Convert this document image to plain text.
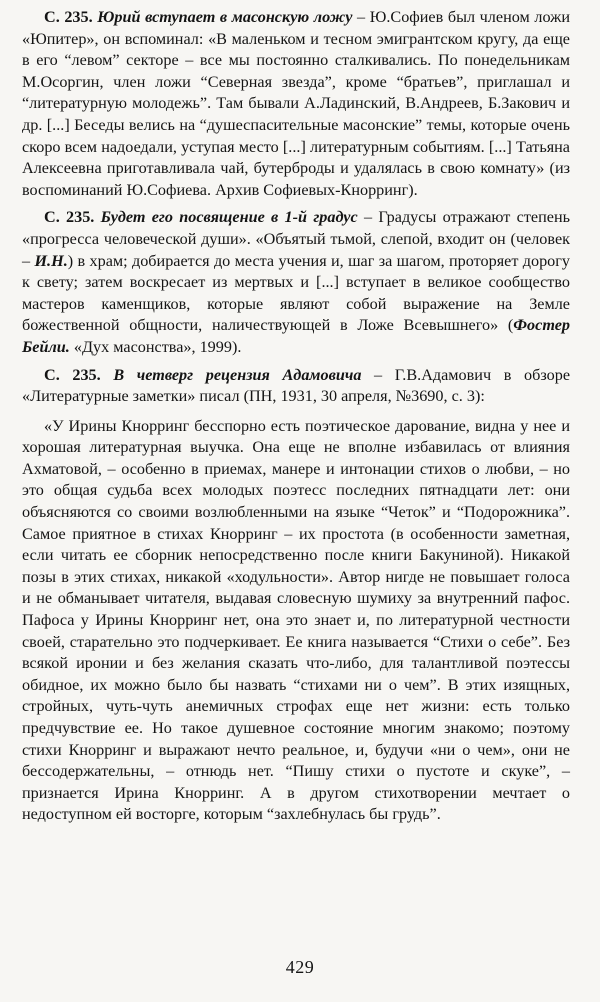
С. 235. Юрий вступает в масонскую ложу – Ю.Софиев был членом ложи «Юпитер», он вспоминал: «В маленьком и тесном эмигрантском кругу, да еще в его “левом” секторе – все мы постоянно сталкивались. По понедельникам М.Осоргин, член ложи “Северная звезда”, кроме “братьев”, приглашал и “литературную молодежь”. Там бывали А.Ладинский, В.Андреев, Б.Закович и др. [...] Беседы велись на “душеспасительные масонские” темы, которые очень скоро всем надоедали, уступая место [...] литературным событиям. [...] Татьяна Алексеевна приготавливала чай, бутерброды и удалялась в свою комнату» (из воспоминаний Ю.Софиева. Архив Софиевых-Кнорринг).

С. 235. Будет его посвящение в 1-й градус – Градусы отражают степень «прогресса человеческой души». «Объятый тьмой, слепой, входит он (человек – И.Н.) в храм; добирается до места учения и, шаг за шагом, проторяет дорогу к свету; затем воскресает из мертвых и [...] вступает в великое сообщество мастеров каменщиков, которые являют собой выражение на Земле божественной общности, наличествующей в Ложе Всевышнего» (Фостер Бейли. «Дух масонства», 1999).

С. 235. В четверг рецензия Адамовича – Г.В.Адамович в обзоре «Литературные заметки» писал (ПН, 1931, 30 апреля, №3690, с. 3):

«У Ирины Кнорринг бесспорно есть поэтическое дарование, видна у нее и хорошая литературная выучка. Она еще не вполне избавилась от влияния Ахматовой, – особенно в приемах, манере и интонации стихов о любви, – но это общая судьба всех молодых поэтесс последних пятнадцати лет: они объясняются со своими возлюбленными на языке “Четок” и “Подорожника”. Самое приятное в стихах Кнорринг – их простота (в особенности заметная, если читать ее сборник непосредственно после книги Бакуниной). Никакой позы в этих стихах, никакой «ходульности». Автор нигде не повышает голоса и не обманывает читателя, выдавая словесную шумиху за внутренний пафос. Пафоса у Ирины Кнорринг нет, она это знает и, по литературной честности своей, старательно это подчеркивает. Ее книга называется “Стихи о себе”. Без всякой иронии и без желания сказать что-либо, для талантливой поэтессы обидное, их можно было бы назвать “стихами ни о чем”. В этих изящных, стройных, чуть-чуть анемичных строфах еще нет жизни: есть только предчувствие ее. Но такое душевное состояние многим знакомо; поэтому стихи Кнорринг и выражают нечто реальное, и, будучи «ни о чем», они не бессодержательны, – отнюдь нет. “Пишу стихи о пустоте и скуке”, – признается Ирина Кнорринг. А в другом стихотворении мечтает о недоступном ей восторге, которым “захлебнулась бы грудь”.

429
